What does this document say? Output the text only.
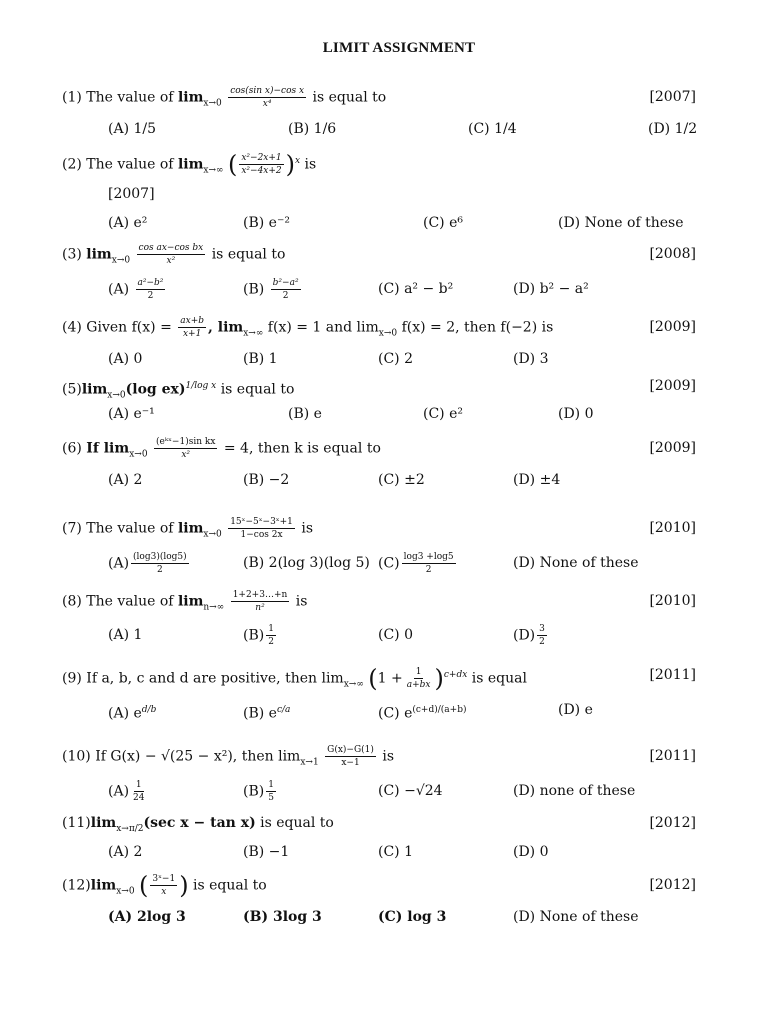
LIMIT ASSIGNMENT
(1) The value of $\lim_{x\to 0} \frac{\text{cos(sin x)−cos x}}{\text{x⁴}}$ is equal to	[2007]
(A) 1/5	(B) 1/6	(C) 1/4	(D) 1/2
(2) The value of $\lim_{x\to\infty}$ ( $\frac{\text{x²−2x+1}}{\text{x²−4x+2}} )^x$ is
[2007]
(A) e²	(B) e⁻²	(C) e⁶	(D) None of these
(3) $\lim_{x\to 0} \frac{\text{cos ax−cos bx}}{\text{x²}}$ is equal to	[2008]
$(A) \frac{\text{a²−b²}}{2}$	$(B) \frac{\text{b²−a²}}{2}$	(C) a² − b²	(D) b² − a²
(4) Given $f(x) = \frac{ax+b}{x+1}$ , $\lim_{x\to\infty} f(x) = 1$ and $\lim_{x\to 0} f(x) = 2$, then f(−2) is	[2009]
(A) 0	(B) 1	(C) 2	(D) 3
$(5)\lim_{x\to 0}(\log$ ex)$^{1/log x}$ is equal to	[2009]
(A) e⁻¹	(B) e	(C) e²	(D) 0
(6) If $\lim_{x\to 0} \frac{\text{(eᵏˣ−1)sin kx}}{\text{x²}} = 4$, then k is equal to	[2009]
(A) 2	(B) −2	(C) ±2	(D) ±4
(7) The value of $\lim_{x\to 0} \frac{\text{15ˣ−5ˣ−3ˣ+1}}{1-\cos 2x}$ is	[2010]
$(A) \frac{(\log 3)(\log 5)}{2}$	(B) 2(log 3)(log 5) $(C) \frac{\log 3 +\log 5}{2}$	(D) None of these
(8) The value of $\lim_{n\to\infty} \frac{1+2+3\dots+n}{\text{n²}}$ is	[2010]
(A) 1	$(B) \frac{1}{2}$	(C) 0	$(D) \frac{3}{2}$
(9) If a, b, c and d are positive, then $\lim_{x\to\infty} (1 + \frac{1}{a+bx} )^{c+dx}$ is equal	[2011]
(A) $e^{d/b}$	(B) $e^{c/a}$	(C) $e^{(c+d)/(a+b)}$	(D) e
(10) If G(x) − √(25 − x²), then $\lim_{x\to 1} \frac{G(x)-G(1)}{x-1}$ is	[2011]
$(A) \frac{1}{24}$	$(B) \frac{1}{5}$	(C) −√24	(D) none of these
$(11)\lim_{x\to\pi/2}(\sec$ x − tan x) is equal to	[2012]
(A) 2	(B) −1	(C) 1	(D) 0
$(12)\lim_{x\to 0}$ ( $\frac{\text{3ˣ−1}}{x}$ ) is equal to	[2012]
(A) 2log 3	(B) 3log 3	(C) log 3	(D) None of these
